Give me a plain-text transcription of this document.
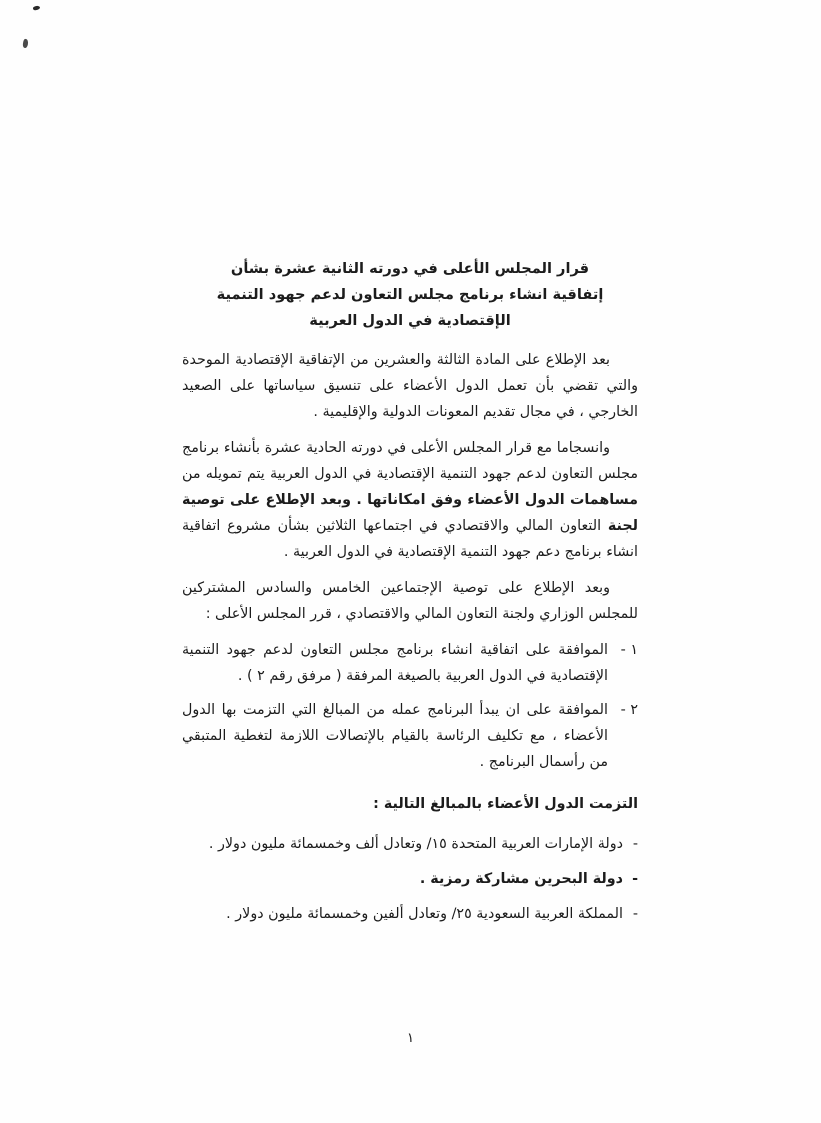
قرار المجلس الأعلى في دورته الثانية عشرة بشأن
إتفاقية انشاء برنامج مجلس التعاون لدعم جهود التنمية
الإقتصادية في الدول العربية

بعد الإطلاع على المادة الثالثة والعشرين من الإتفاقية الإقتصادية الموحدة والتي تقضي بأن تعمل الدول الأعضاء على تنسيق سياساتها على الصعيد الخارجي ، في مجال تقديم المعونات الدولية والإقليمية .

وانسجاما مع قرار المجلس الأعلى في دورته الحادية عشرة بأنشاء برنامج مجلس التعاون لدعم جهود التنمية الإقتصادية في الدول العربية يتم تمويله من مساهمات الدول الأعضاء وفق امكاناتها . وبعد الإطلاع على توصية لجنة التعاون المالي والاقتصادي في اجتماعها الثلاثين بشأن مشروع اتفاقية انشاء برنامج دعم جهود التنمية الإقتصادية في الدول العربية .

وبعد الإطلاع على توصية الإجتماعين الخامس والسادس المشتركين للمجلس الوزاري ولجنة التعاون المالي والاقتصادي ، قرر المجلس الأعلى :

١ -
الموافقة على اتفاقية انشاء برنامج مجلس التعاون لدعم جهود التنمية الإقتصادية في الدول العربية بالصيغة المرفقة ( مرفق رقم ٢ ) .
٢ -
الموافقة على ان يبدأ البرنامج عمله من المبالغ التي التزمت بها الدول الأعضاء ، مع تكليف الرئاسة بالقيام بالإتصالات اللازمة لتغطية المتبقي من رأسمال البرنامج .
التزمت الدول الأعضاء بالمبالغ التالية :
-
دولة الإمارات العربية المتحدة ١٥/ وتعادل ألف وخمسمائة مليون دولار .
-
دولة البحرين مشاركة رمزية .
-
المملكة العربية السعودية ٢٥/ وتعادل ألفين وخمسمائة مليون دولار .
١
